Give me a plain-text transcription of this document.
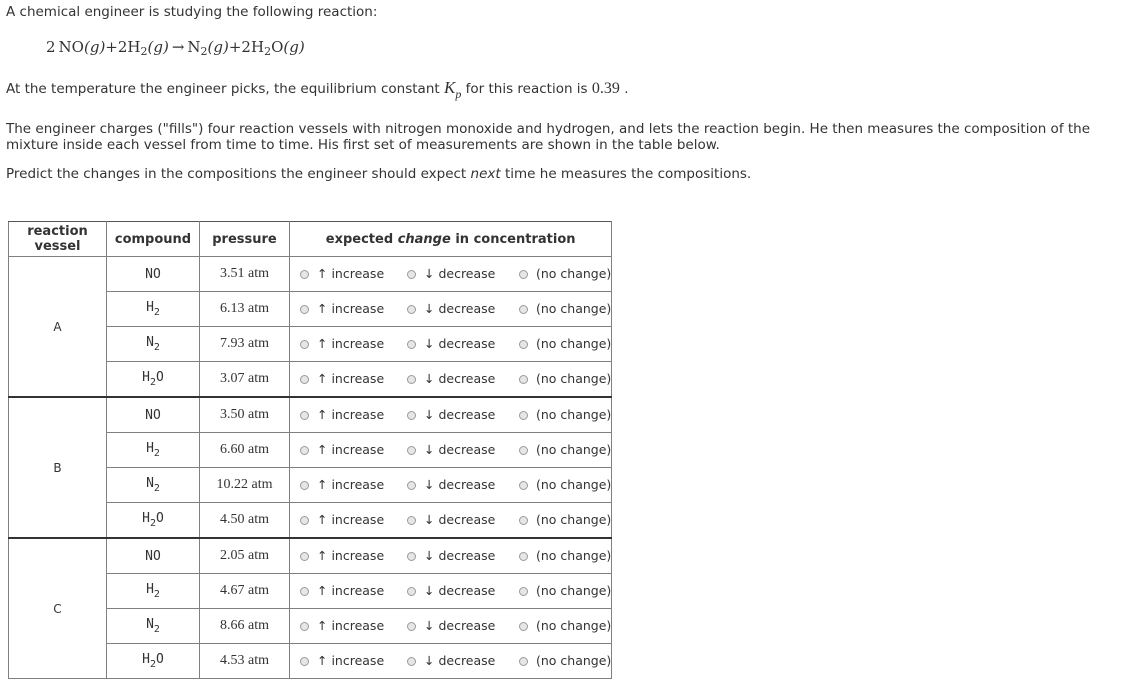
A chemical engineer is studying the following reaction:

2  $NO(g)+2H_2(g) \to N_2(g)+2H_2O(g)$

At the temperature the engineer picks, the equilibrium constant $K_p$ for this reaction is 0.39 .

The engineer charges ("fills") four reaction vessels with nitrogen monoxide and hydrogen, and lets the reaction begin. He then measures the composition of the mixture inside each vessel from time to time. His first set of measurements are shown in the table below.

Predict the changes in the compositions the engineer should expect next time he measures the compositions.

reaction vessel	compound	pressure	expected change in concentration
A	NO	3.51 atm	↑ increase ↓ decrease (no change)
	$H_2$	6.13 atm	↑ increase ↓ decrease (no change)
	$N_2$	7.93 atm	↑ increase ↓ decrease (no change)
	$H_2O$	3.07 atm	↑ increase ↓ decrease (no change)
B	NO	3.50 atm	↑ increase ↓ decrease (no change)
	$H_2$	6.60 atm	↑ increase ↓ decrease (no change)
	$N_2$	10.22 atm	↑ increase ↓ decrease (no change)
	$H_2O$	4.50 atm	↑ increase ↓ decrease (no change)
C	NO	2.05 atm	↑ increase ↓ decrease (no change)
	$H_2$	4.67 atm	↑ increase ↓ decrease (no change)
	$N_2$	8.66 atm	↑ increase ↓ decrease (no change)
	$H_2O$	4.53 atm	↑ increase ↓ decrease (no change)
